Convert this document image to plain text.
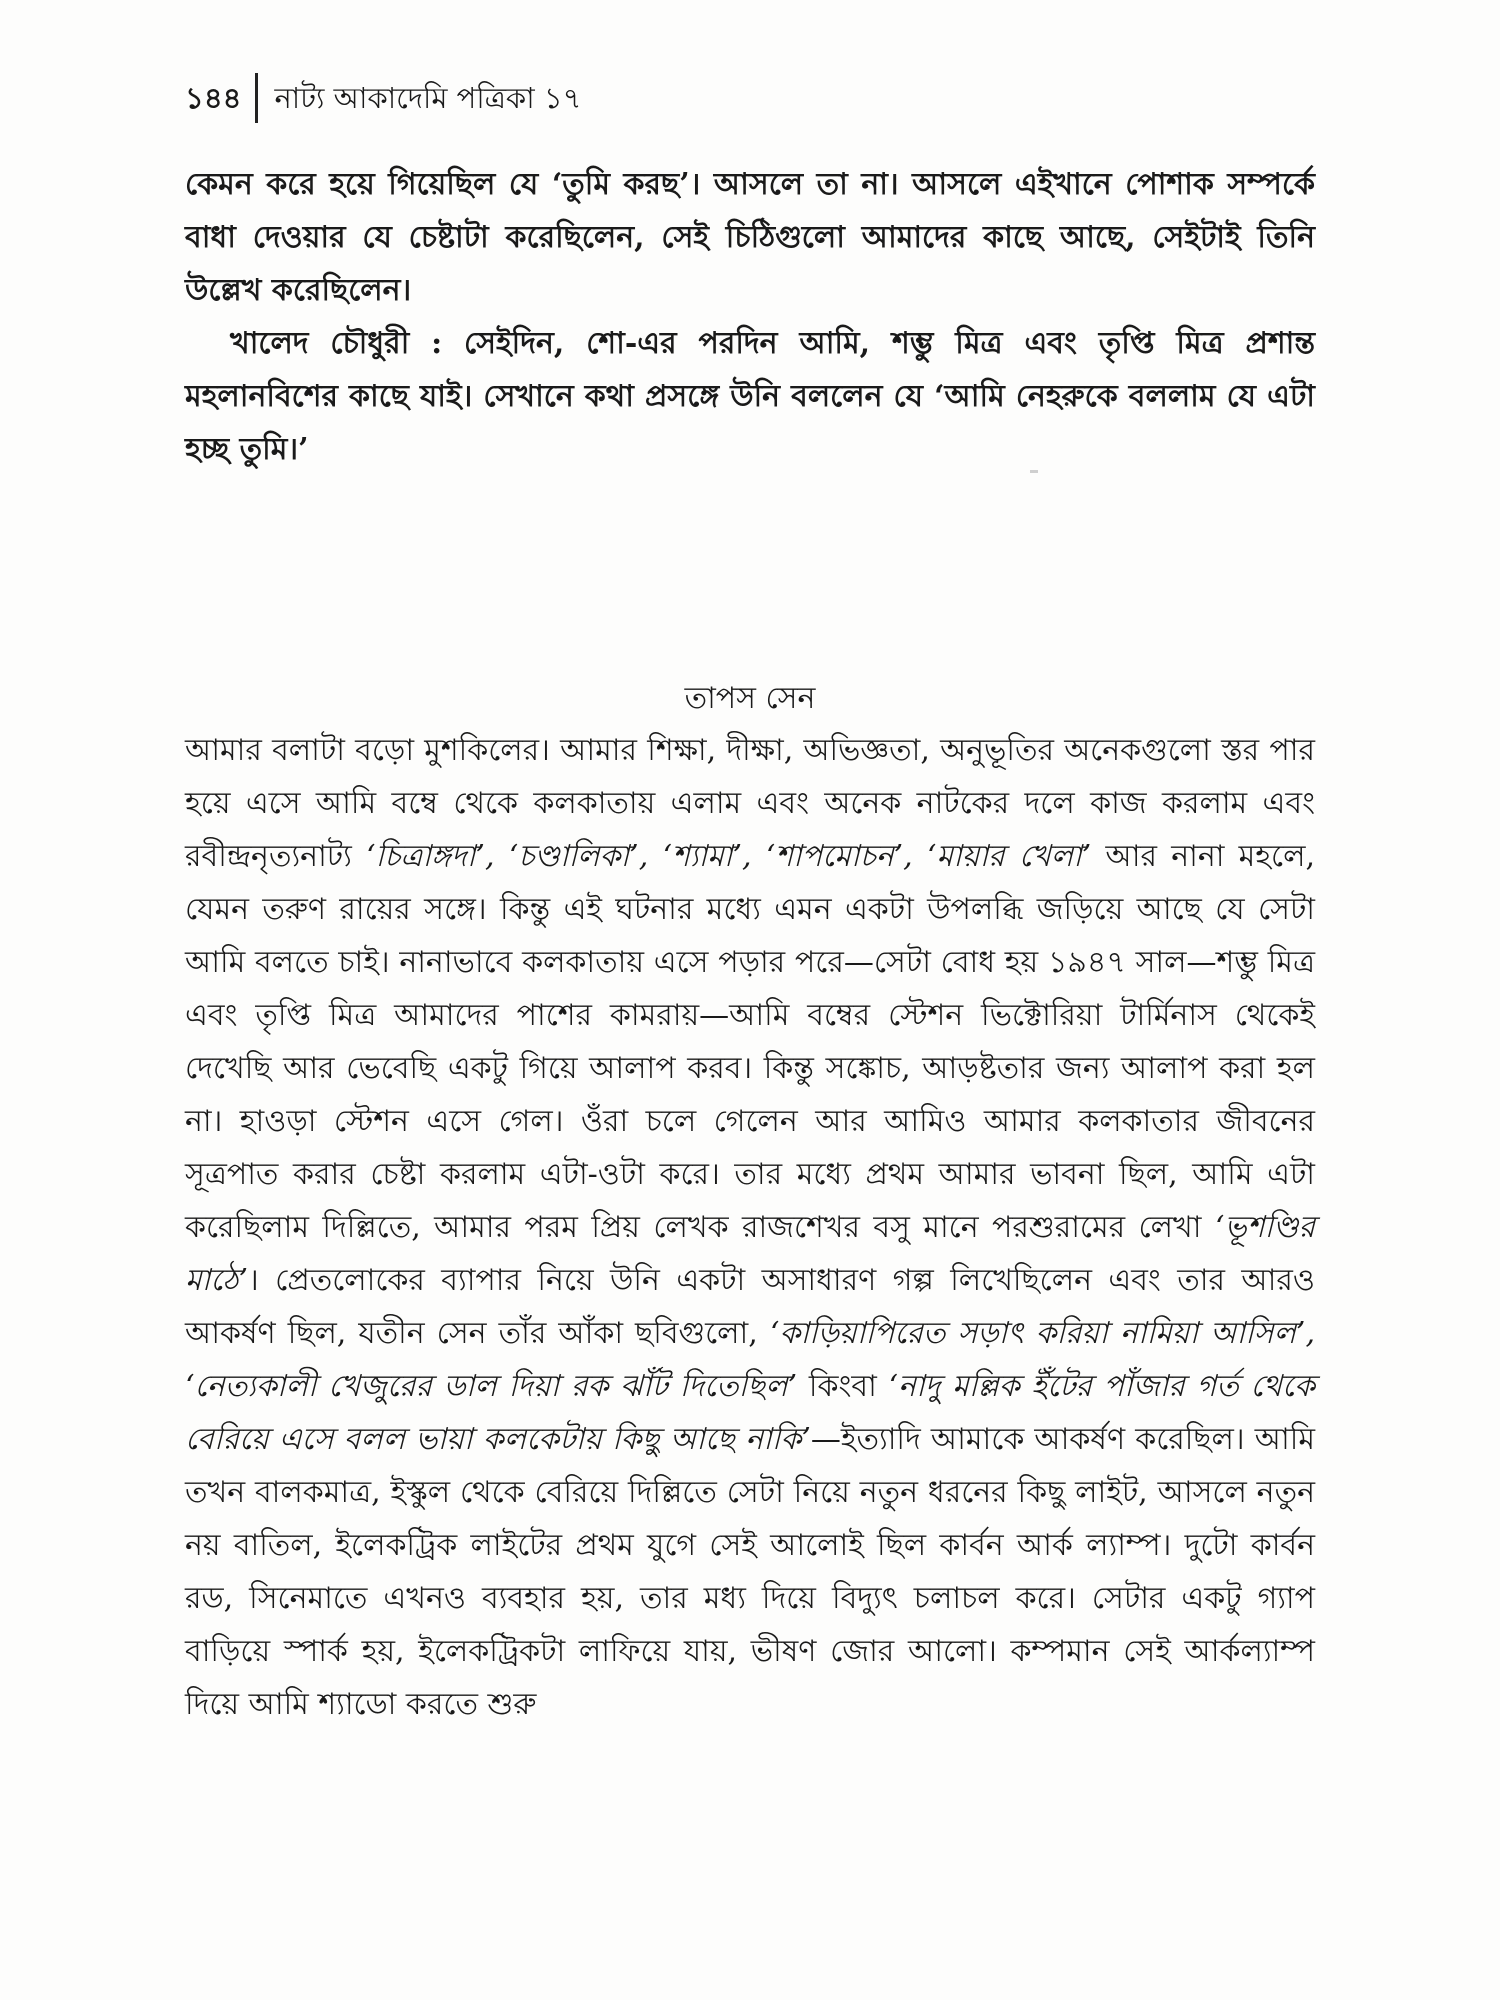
১৪৪ নাট্য আকাদেমি পত্রিকা ১৭

কেমন করে হয়ে গিয়েছিল যে ‘তুমি করছ’। আসলে তা না। আসলে এইখানে পোশাক সম্পর্কে বাধা দেওয়ার যে চেষ্টাটা করেছিলেন, সেই চিঠিগুলো আমাদের কাছে আছে, সেইটাই তিনি উল্লেখ করেছিলেন।

খালেদ চৌধুরী : সেইদিন, শো-এর পরদিন আমি, শম্ভু মিত্র এবং তৃপ্তি মিত্র প্রশান্ত মহলানবিশের কাছে যাই। সেখানে কথা প্রসঙ্গে উনি বললেন যে ‘আমি নেহরুকে বললাম যে এটা হচ্ছ তুমি।’

তাপস সেন

আমার বলাটা বড়ো মুশকিলের। আমার শিক্ষা, দীক্ষা, অভিজ্ঞতা, অনুভূতির অনেকগুলো স্তর পার হয়ে এসে আমি বম্বে থেকে কলকাতায় এলাম এবং অনেক নাটকের দলে কাজ করলাম এবং রবীন্দ্রনৃত্যনাট্য ‘চিত্রাঙ্গদা’, ‘চণ্ডালিকা’, ‘শ্যামা’, ‘শাপমোচন’, ‘মায়ার খেলা’ আর নানা মহলে, যেমন তরুণ রায়ের সঙ্গে। কিন্তু এই ঘটনার মধ্যে এমন একটা উপলব্ধি জড়িয়ে আছে যে সেটা আমি বলতে চাই। নানাভাবে কলকাতায় এসে পড়ার পরে—সেটা বোধ হয় ১৯৪৭ সাল—শম্ভু মিত্র এবং তৃপ্তি মিত্র আমাদের পাশের কামরায়—আমি বম্বের স্টেশন ভিক্টোরিয়া টার্মিনাস থেকেই দেখেছি আর ভেবেছি একটু গিয়ে আলাপ করব। কিন্তু সঙ্কোচ, আড়ষ্টতার জন্য আলাপ করা হল না। হাওড়া স্টেশন এসে গেল। ওঁরা চলে গেলেন আর আমিও আমার কলকাতার জীবনের সূত্রপাত করার চেষ্টা করলাম এটা-ওটা করে। তার মধ্যে প্রথম আমার ভাবনা ছিল, আমি এটা করেছিলাম দিল্লিতে, আমার পরম প্রিয় লেখক রাজশেখর বসু মানে পরশুরামের লেখা ‘ভূশণ্ডির মাঠে’। প্রেতলোকের ব্যাপার নিয়ে উনি একটা অসাধারণ গল্প লিখেছিলেন এবং তার আরও আকর্ষণ ছিল, যতীন সেন তাঁর আঁকা ছবিগুলো, ‘কাড়িয়াপিরেত সড়াৎ করিয়া নামিয়া আসিল’, ‘নেত্যকালী খেজুরের ডাল দিয়া রক ঝাঁট দিতেছিল’ কিংবা ‘নাদু মল্লিক ইঁটের পাঁজার গর্ত থেকে বেরিয়ে এসে বলল ভায়া কলকেটায় কিছু আছে নাকি’—ইত্যাদি আমাকে আকর্ষণ করেছিল। আমি তখন বালকমাত্র, ইস্কুল থেকে বেরিয়ে দিল্লিতে সেটা নিয়ে নতুন ধরনের কিছু লাইট, আসলে নতুন নয় বাতিল, ইলেকট্রিক লাইটের প্রথম যুগে সেই আলোই ছিল কার্বন আর্ক ল্যাম্প। দুটো কার্বন রড, সিনেমাতে এখনও ব্যবহার হয়, তার মধ্য দিয়ে বিদ্যুৎ চলাচল করে। সেটার একটু গ্যাপ বাড়িয়ে স্পার্ক হয়, ইলেকট্রিকটা লাফিয়ে যায়, ভীষণ জোর আলো। কম্পমান সেই আর্কল্যাম্প দিয়ে আমি শ্যাডো করতে শুরু
